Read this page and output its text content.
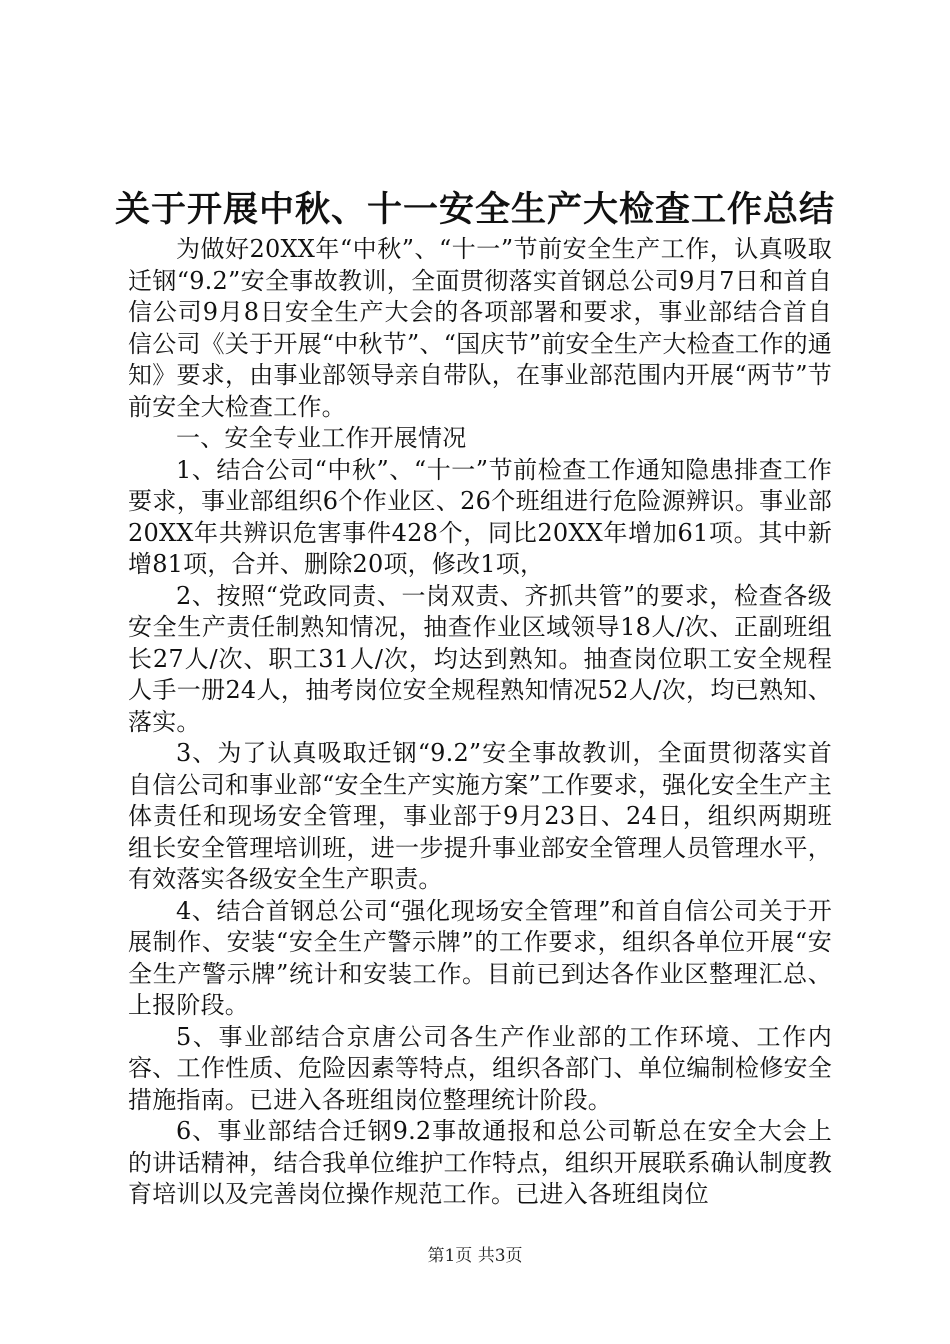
关于开展中秋、十一安全生产大检查工作总结

为做好20XX年“中秋”、“十一”节前安全生产工作，认真吸取迁钢“9.2”安全事故教训，全面贯彻落实首钢总公司9月7日和首自信公司9月8日安全生产大会的各项部署和要求，事业部结合首自信公司《关于开展“中秋节”、“国庆节”前安全生产大检查工作的通知》要求，由事业部领导亲自带队，在事业部范围内开展“两节”节前安全大检查工作。

一、安全专业工作开展情况

1、结合公司“中秋”、“十一”节前检查工作通知隐患排查工作要求，事业部组织6个作业区、26个班组进行危险源辨识。事业部20XX年共辨识危害事件428个，同比20XX年增加61项。其中新增81项，合并、删除20项，修改1项，

2、按照“党政同责、一岗双责、齐抓共管”的要求，检查各级安全生产责任制熟知情况，抽查作业区域领导18人/次、正副班组长27人/次、职工31人/次，均达到熟知。抽查岗位职工安全规程人手一册24人，抽考岗位安全规程熟知情况52人/次，均已熟知、落实。

3、为了认真吸取迁钢“9.2”安全事故教训，全面贯彻落实首自信公司和事业部“安全生产实施方案”工作要求，强化安全生产主体责任和现场安全管理，事业部于9月23日、24日，组织两期班组长安全管理培训班，进一步提升事业部安全管理人员管理水平，有效落实各级安全生产职责。

4、结合首钢总公司“强化现场安全管理”和首自信公司关于开展制作、安装“安全生产警示牌”的工作要求，组织各单位开展“安全生产警示牌”统计和安装工作。目前已到达各作业区整理汇总、上报阶段。

5、事业部结合京唐公司各生产作业部的工作环境、工作内容、工作性质、危险因素等特点，组织各部门、单位编制检修安全措施指南。已进入各班组岗位整理统计阶段。

6、事业部结合迁钢9.2事故通报和总公司靳总在安全大会上的讲话精神，结合我单位维护工作特点，组织开展联系确认制度教育培训以及完善岗位操作规范工作。已进入各班组岗位

第1页 共3页
